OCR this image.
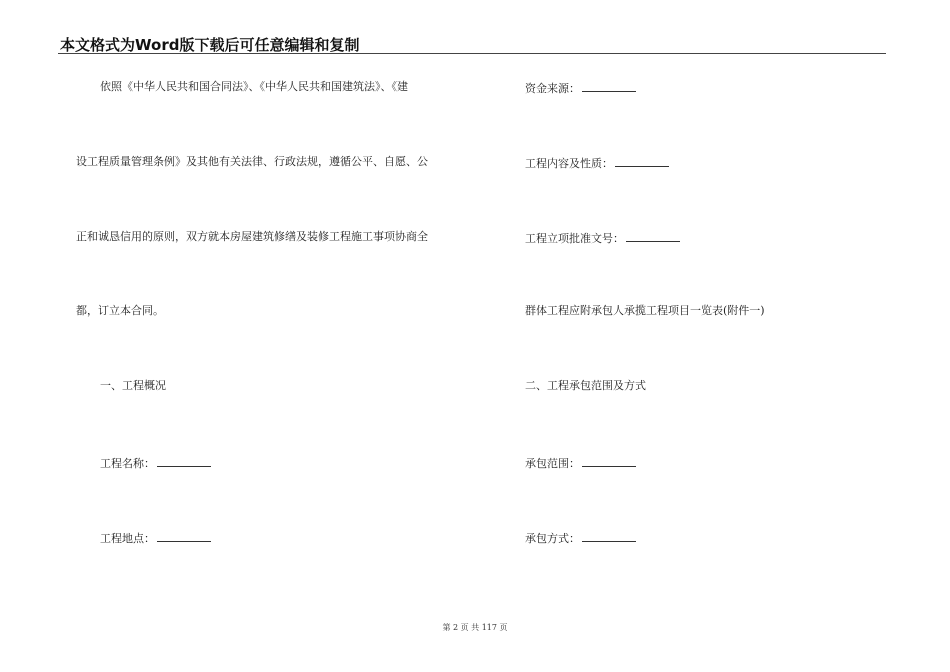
本文格式为Word版下载后可任意编辑和复制
依照《中华人民共和国合同法》、《中华人民共和国建筑法》、《建
设工程质量管理条例》及其他有关法律、行政法规，遵循公平、自愿、公
正和诚恳信用的原则，双方就本房屋建筑修缮及装修工程施工事项协商全
都，订立本合同。
一、工程概况
工程名称：
工程地点：
资金来源：
工程内容及性质：
工程立项批准文号：
群体工程应附承包人承揽工程项目一览表(附件一)
二、工程承包范围及方式
承包范围：
承包方式：
第 2 页 共 117 页
